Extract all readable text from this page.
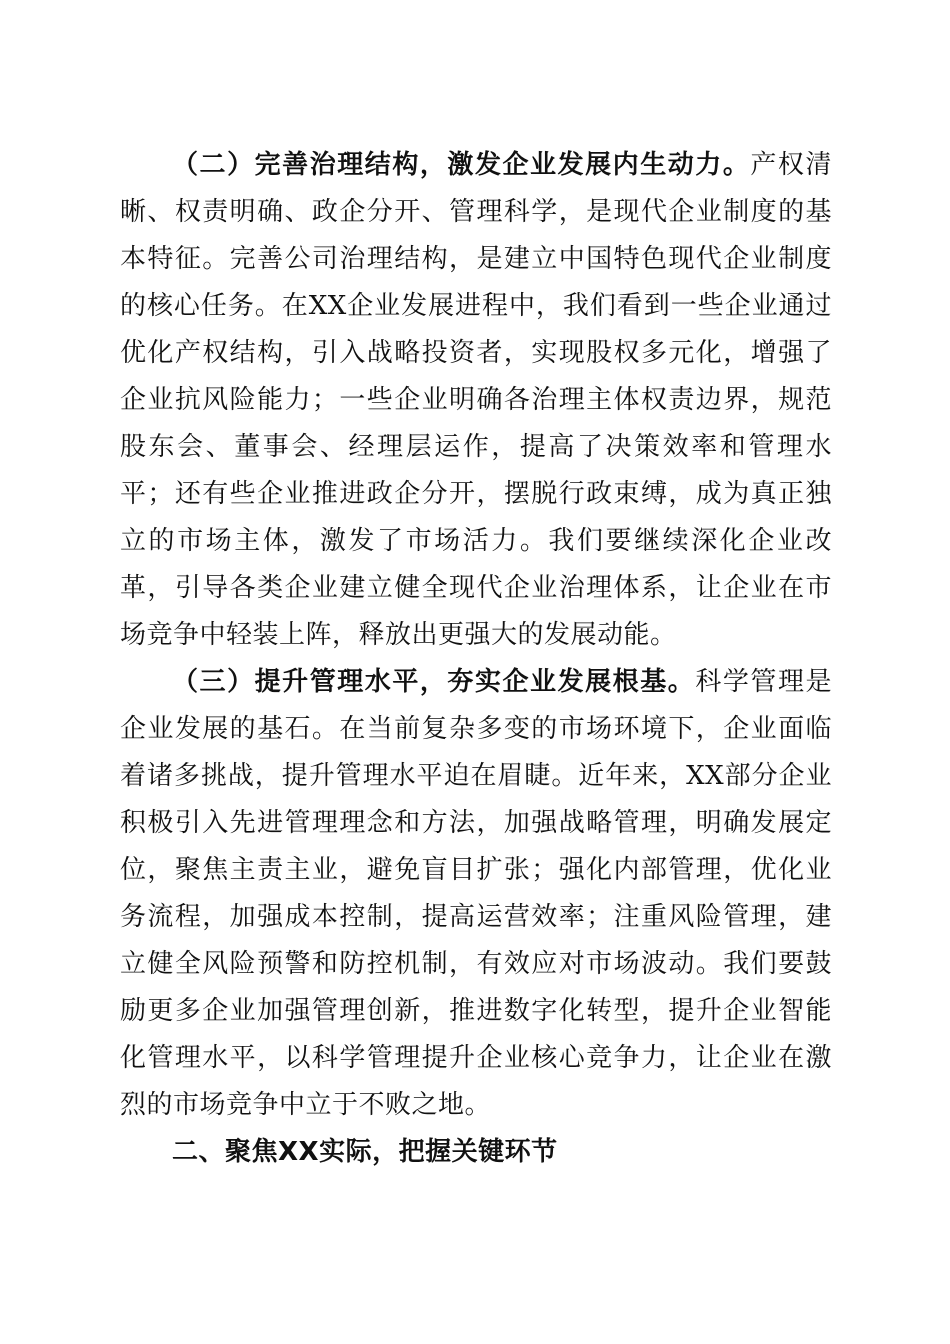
（二）完善治理结构，激发企业发展内生动力。产权清晰、权责明确、政企分开、管理科学，是现代企业制度的基本特征。完善公司治理结构，是建立中国特色现代企业制度的核心任务。在XX企业发展进程中，我们看到一些企业通过优化产权结构，引入战略投资者，实现股权多元化，增强了企业抗风险能力；一些企业明确各治理主体权责边界，规范股东会、董事会、经理层运作，提高了决策效率和管理水平；还有些企业推进政企分开，摆脱行政束缚，成为真正独立的市场主体，激发了市场活力。我们要继续深化企业改革，引导各类企业建立健全现代企业治理体系，让企业在市场竞争中轻装上阵，释放出更强大的发展动能。

（三）提升管理水平，夯实企业发展根基。科学管理是企业发展的基石。在当前复杂多变的市场环境下，企业面临着诸多挑战，提升管理水平迫在眉睫。近年来，XX部分企业积极引入先进管理理念和方法，加强战略管理，明确发展定位，聚焦主责主业，避免盲目扩张；强化内部管理，优化业务流程，加强成本控制，提高运营效率；注重风险管理，建立健全风险预警和防控机制，有效应对市场波动。我们要鼓励更多企业加强管理创新，推进数字化转型，提升企业智能化管理水平，以科学管理提升企业核心竞争力，让企业在激烈的市场竞争中立于不败之地。

二、聚焦XX实际，把握关键环节
